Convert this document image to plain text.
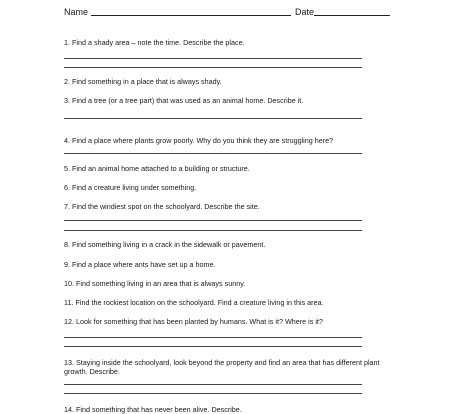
Name	Date
1. Find a shady area – note the time. Describe the place.
2. Find something in a place that is always shady.
3. Find a tree (or a tree part) that was used as an animal home. Describe it.
4. Find a place where plants grow poorly. Why do you think they are struggling here?
5. Find an animal home attached to a building or structure.
6. Find a creature living under something.
7. Find the windiest spot on the schoolyard. Describe the site.
8. Find something living in a crack in the sidewalk or pavement.
9. Find a place where ants have set up a home.
10. Find something living in an area that is always sunny.
11. Find the rockiest location on the schoolyard. Find a creature living in this area.
12. Look for something that has been planted by humans. What is it? Where is it?
13. Staying inside the schoolyard, look beyond the property and find an area that has different plant growth. Describe.
14. Find something that has never been alive. Describe.
